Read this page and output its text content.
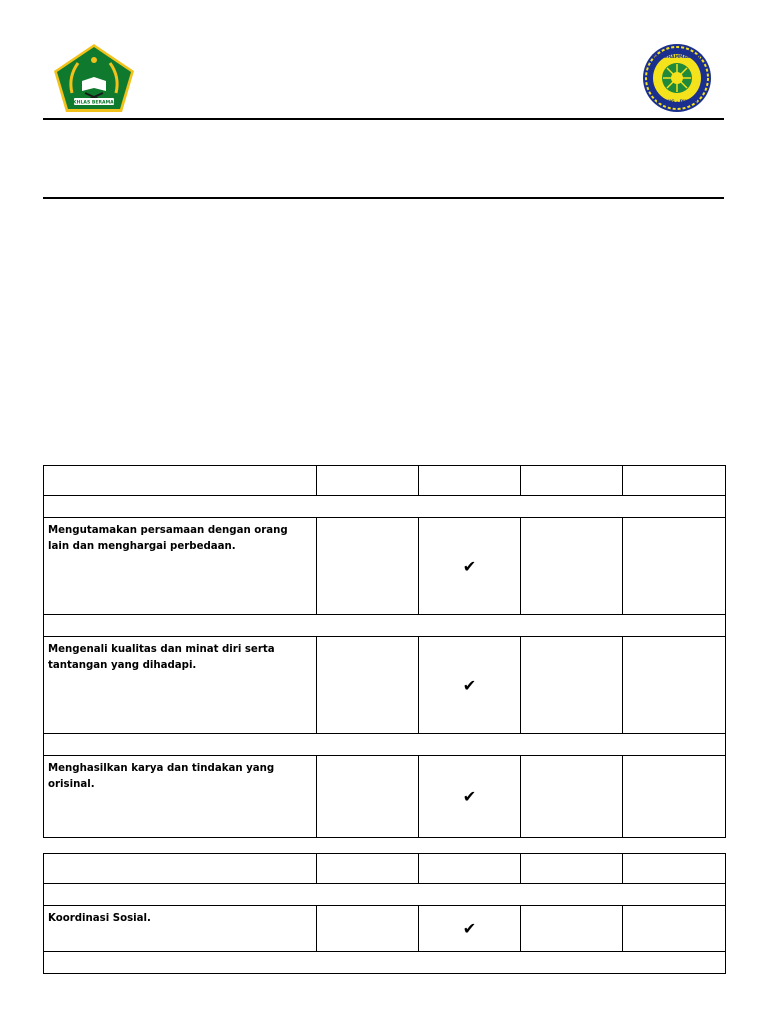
IKHLAS BERAMAL
MI MUHAMMADIYAH
GUBUG - PURBO

Mengutamakan persamaan dengan orang lain dan menghargai perbedaan.		✔		

Mengenali kualitas dan minat diri serta tantangan yang dihadapi.		✔		

Menghasilkan karya dan tindakan yang orisinal.		✔		

Koordinasi Sosial.		✔		
